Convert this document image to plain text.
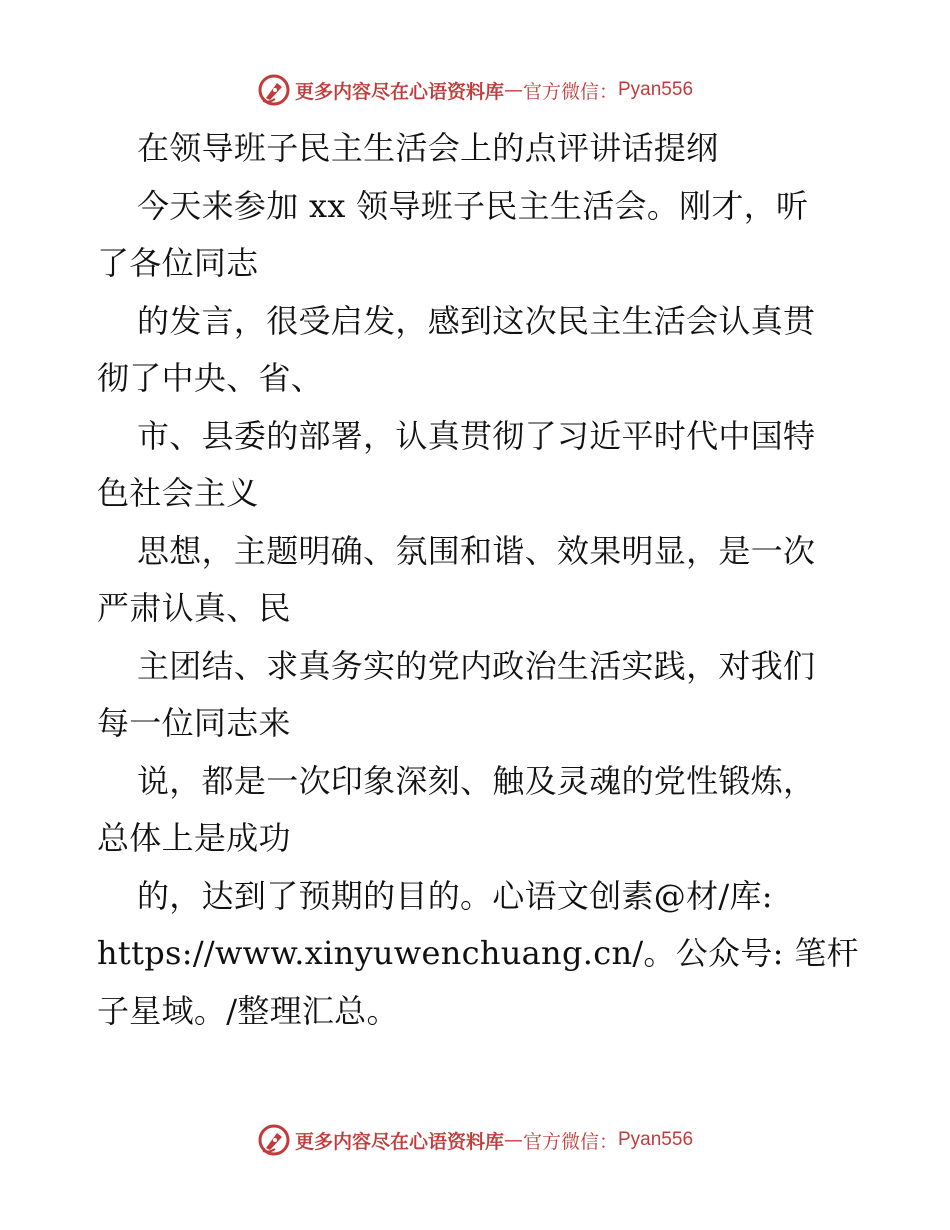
更多内容尽在心语资料库 — 官方微信： Pyan556
在领导班子民主生活会上的点评讲话提纲
今天来参加 xx 领导班子民主生活会。刚才，听
了各位同志
的发言，很受启发，感到这次民主生活会认真贯
彻了中央、省、
市、县委的部署，认真贯彻了习近平时代中国特
色社会主义
思想，主题明确、氛围和谐、效果明显，是一次
严肃认真、民
主团结、求真务实的党内政治生活实践，对我们
每一位同志来
说，都是一次印象深刻、触及灵魂的党性锻炼，
总体上是成功
的，达到了预期的目的。心语文创素@材/库:
https://www.xinyuwenchuang.cn/。公众号: 笔杆
子星域。/整理汇总。
更多内容尽在心语资料库 — 官方微信： Pyan556
